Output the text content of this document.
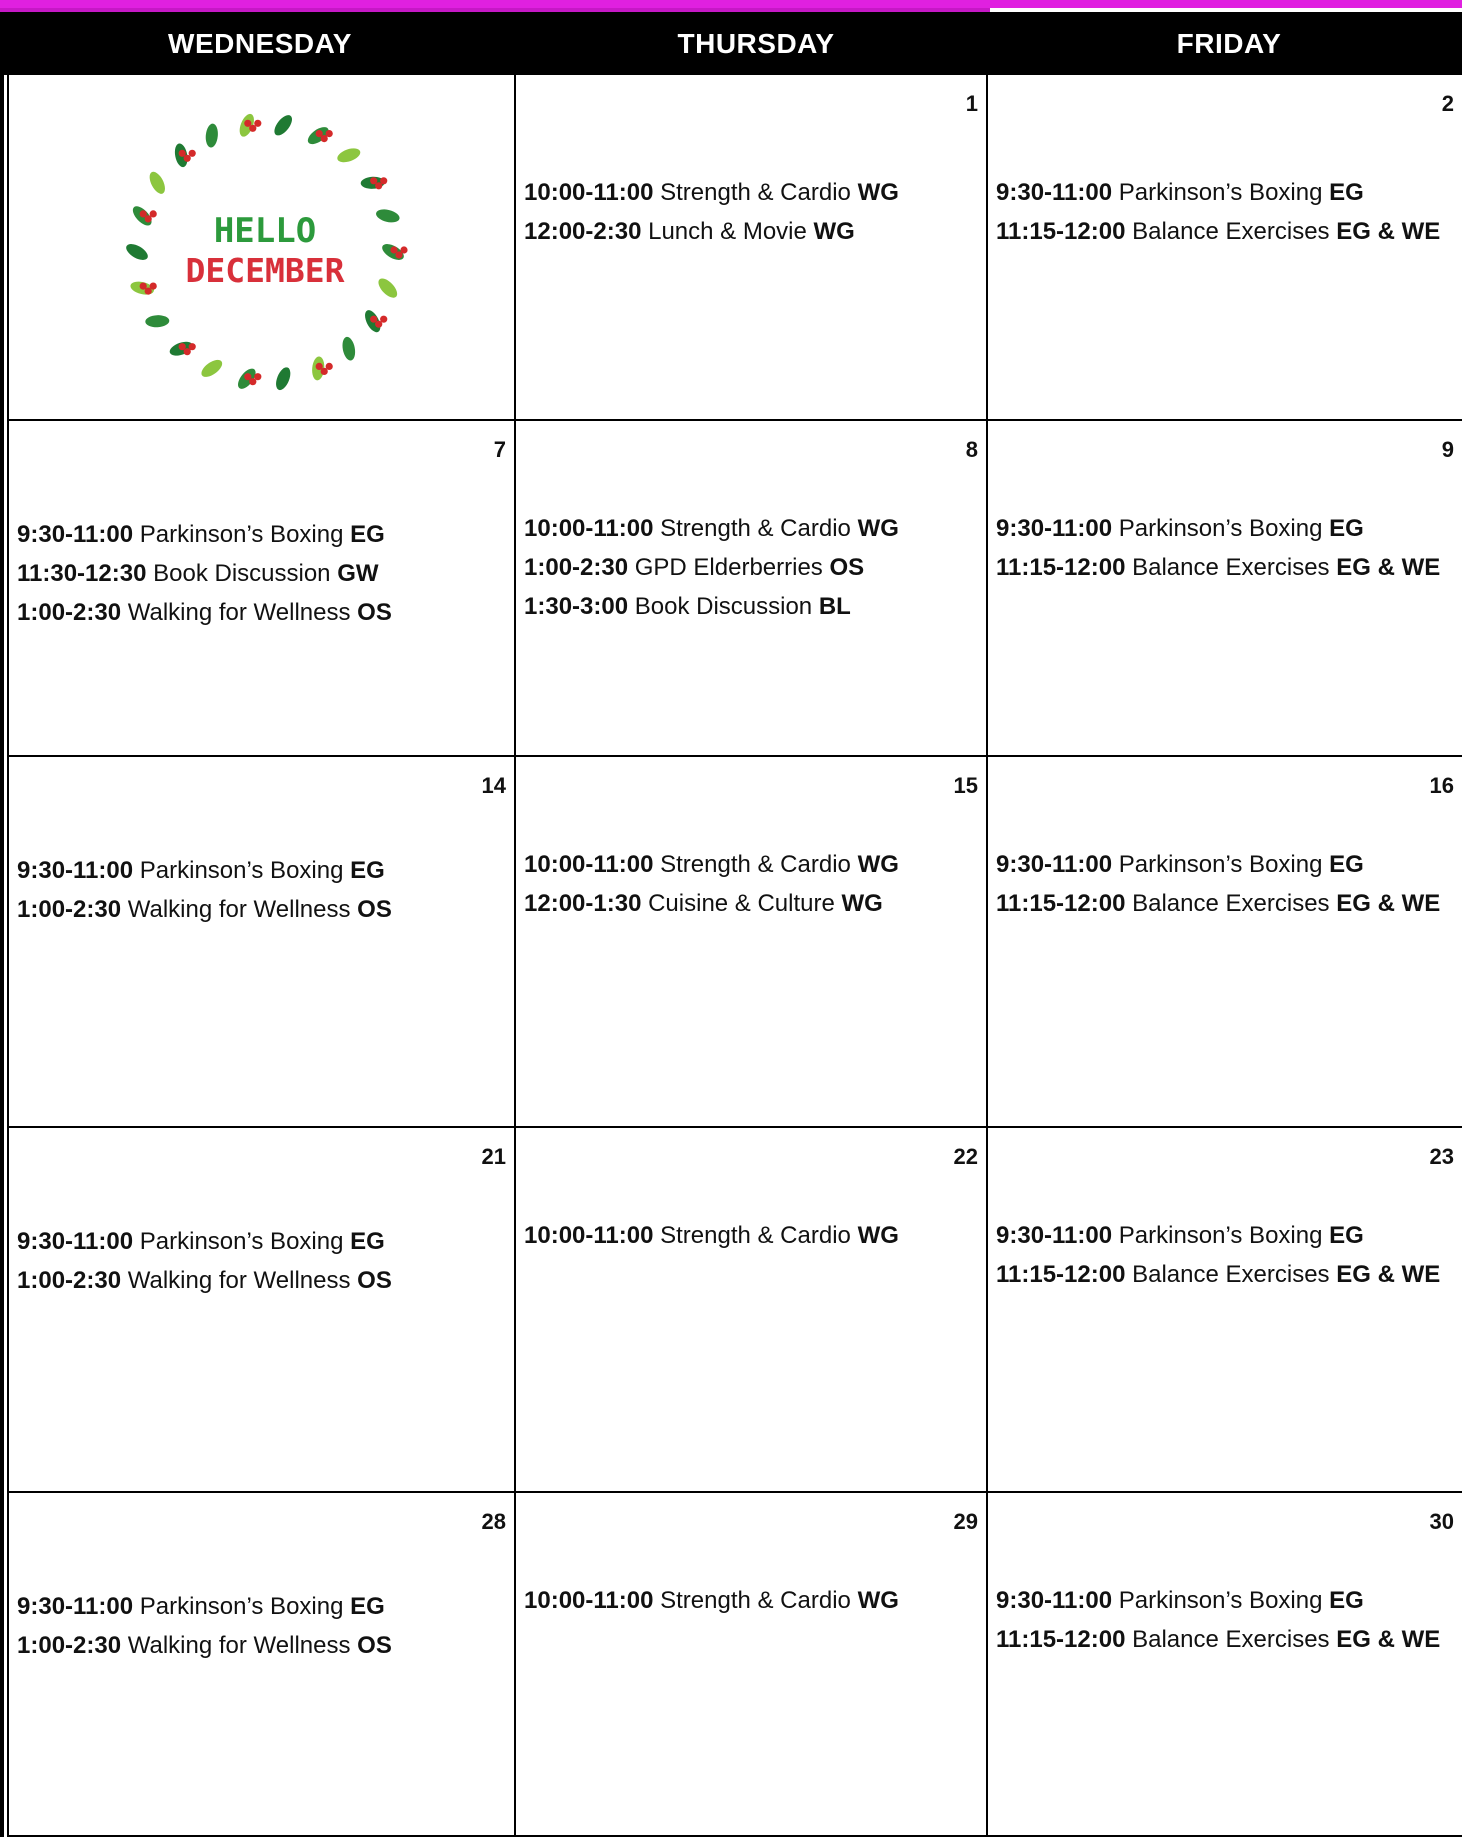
WEDNESDAY	THURSDAY	FRIDAY
1
10:00-11:00 Strength & Cardio WG
12:00-2:30 Lunch & Movie WG
2
9:30-11:00 Parkinson’s Boxing EG
11:15-12:00 Balance Exercises EG & WE
7
9:30-11:00 Parkinson’s Boxing EG
11:30-12:30 Book Discussion GW
1:00-2:30 Walking for Wellness OS
8
10:00-11:00 Strength & Cardio WG
1:00-2:30 GPD Elderberries OS
1:30-3:00 Book Discussion BL
9
9:30-11:00 Parkinson’s Boxing EG
11:15-12:00 Balance Exercises EG & WE
14
9:30-11:00 Parkinson’s Boxing EG
1:00-2:30 Walking for Wellness OS
15
10:00-11:00 Strength & Cardio WG
12:00-1:30 Cuisine & Culture WG
16
9:30-11:00 Parkinson’s Boxing EG
11:15-12:00 Balance Exercises EG & WE
21
9:30-11:00 Parkinson’s Boxing EG
1:00-2:30 Walking for Wellness OS
22
10:00-11:00 Strength & Cardio WG
23
9:30-11:00 Parkinson’s Boxing EG
11:15-12:00 Balance Exercises EG & WE
28
9:30-11:00 Parkinson’s Boxing EG
1:00-2:30 Walking for Wellness OS
29
10:00-11:00 Strength & Cardio WG
30
9:30-11:00 Parkinson’s Boxing EG
11:15-12:00 Balance Exercises EG & WE
HELLO
DECEMBER
